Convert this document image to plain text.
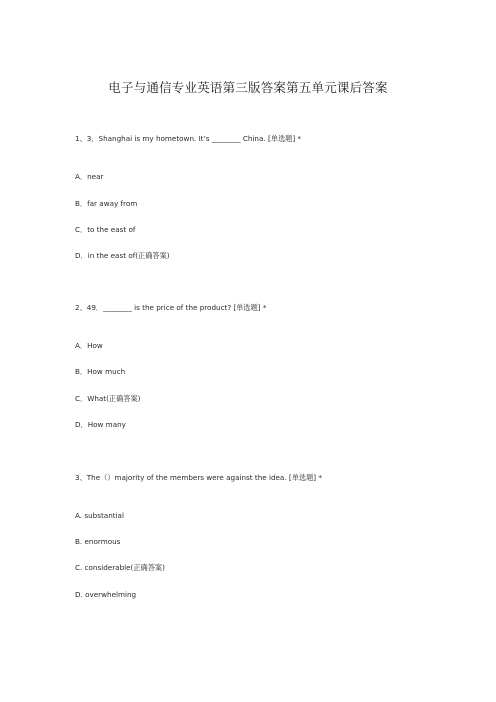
电子与通信专业英语第三版答案第五单元课后答案
1、3．Shanghai is my hometown. It’s ________ China. [单选题] *
A．near
B．far away from
C．to the east of
D．in the east of(正确答案)
2、49．________ is the price of the product? [单选题] *
A．How
B．How much
C．What(正确答案)
D．How many
3、The（）majority of the members were against the idea. [单选题] *
A. substantial
B. enormous
C. considerable(正确答案)
D. overwhelming
